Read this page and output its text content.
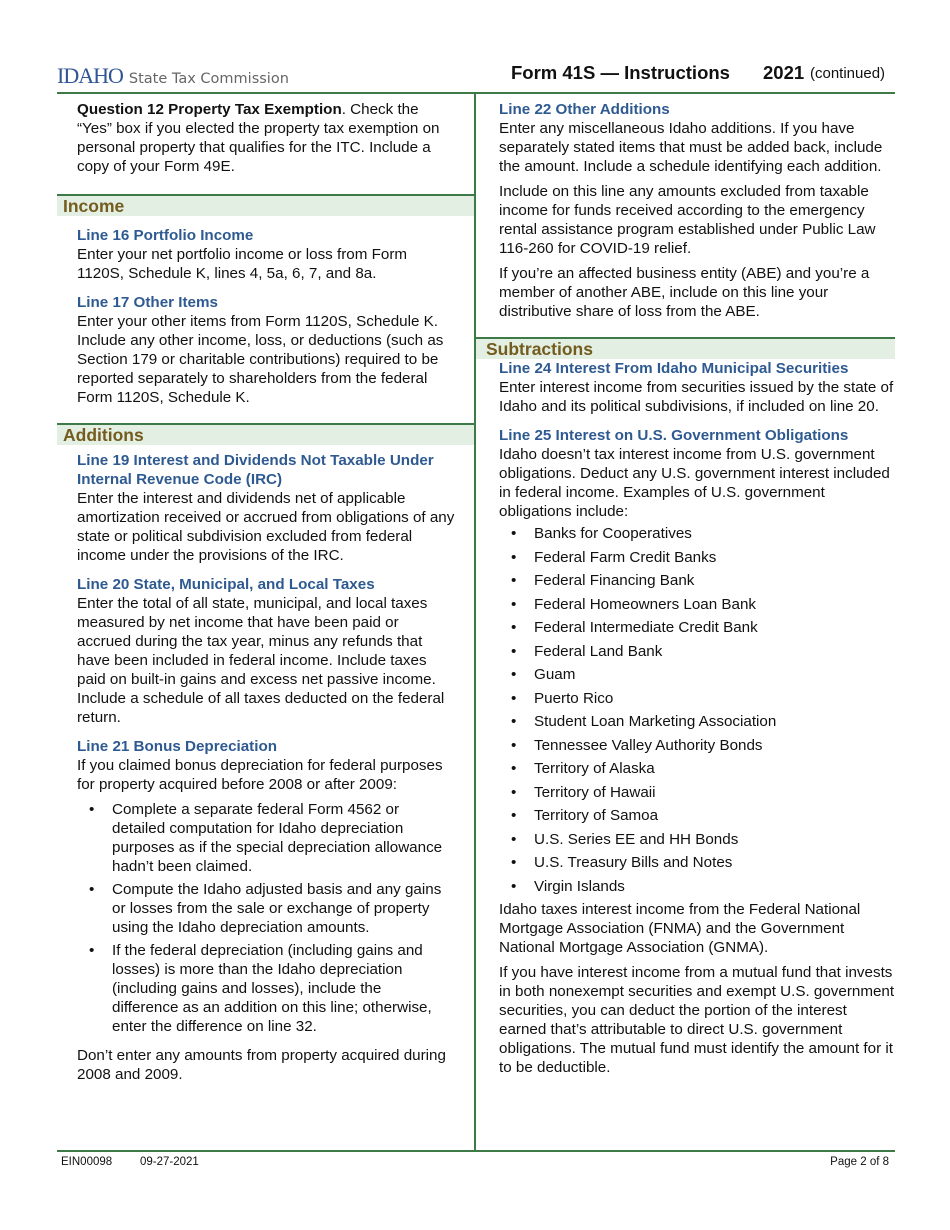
IDAHO State Tax Commission	Form 41S — Instructions 2021 (continued)

Question 12 Property Tax Exemption. Check the “Yes” box if you elected the property tax exemption on personal property that qualifies for the ITC. Include a copy of your Form 49E.

Income
Line 16 Portfolio Income

Enter your net portfolio income or loss from Form 1120S, Schedule K, lines 4, 5a, 6, 7, and 8a.

Line 17 Other Items

Enter your other items from Form 1120S, Schedule K. Include any other income, loss, or deductions (such as Section 179 or charitable contributions) required to be reported separately to shareholders from the federal Form 1120S, Schedule K.

Additions
Line 19 Interest and Dividends Not Taxable Under Internal Revenue Code (IRC)

Enter the interest and dividends net of applicable amortization received or accrued from obligations of any state or political subdivision excluded from federal income under the provisions of the IRC.

Line 20 State, Municipal, and Local Taxes

Enter the total of all state, municipal, and local taxes measured by net income that have been paid or accrued during the tax year, minus any refunds that have been included in federal income. Include taxes paid on built-in gains and excess net passive income. Include a schedule of all taxes deducted on the federal return.

Line 21 Bonus Depreciation

If you claimed bonus depreciation for federal purposes for property acquired before 2008 or after 2009:

• Complete a separate federal Form 4562 or detailed computation for Idaho depreciation purposes as if the special depreciation allowance hadn’t been claimed.
• Compute the Idaho adjusted basis and any gains or losses from the sale or exchange of property using the Idaho depreciation amounts.
• If the federal depreciation (including gains and losses) is more than the Idaho depreciation (including gains and losses), include the difference as an addition on this line; otherwise, enter the difference on line 32.

Don’t enter any amounts from property acquired during 2008 and 2009.

Line 22 Other Additions

Enter any miscellaneous Idaho additions. If you have separately stated items that must be added back, include the amount. Include a schedule identifying each addition.

Include on this line any amounts excluded from taxable income for funds received according to the emergency rental assistance program established under Public Law 116-260 for COVID-19 relief.

If you’re an affected business entity (ABE) and you’re a member of another ABE, include on this line your distributive share of loss from the ABE.

Subtractions
Line 24 Interest From Idaho Municipal Securities

Enter interest income from securities issued by the state of Idaho and its political subdivisions, if included on line 20.

Line 25 Interest on U.S. Government Obligations

Idaho doesn’t tax interest income from U.S. government obligations. Deduct any U.S. government interest included in federal income. Examples of U.S. government obligations include:

• Banks for Cooperatives
• Federal Farm Credit Banks
• Federal Financing Bank
• Federal Homeowners Loan Bank
• Federal Intermediate Credit Bank
• Federal Land Bank
• Guam
• Puerto Rico
• Student Loan Marketing Association
• Tennessee Valley Authority Bonds
• Territory of Alaska
• Territory of Hawaii
• Territory of Samoa
• U.S. Series EE and HH Bonds
• U.S. Treasury Bills and Notes
• Virgin Islands

Idaho taxes interest income from the Federal National Mortgage Association (FNMA) and the Government National Mortgage Association (GNMA).

If you have interest income from a mutual fund that invests in both nonexempt securities and exempt U.S. government securities, you can deduct the portion of the interest earned that’s attributable to direct U.S. government obligations. The mutual fund must identify the amount for it to be deductible.

EIN00098 09-27-2021	Page 2 of 8
